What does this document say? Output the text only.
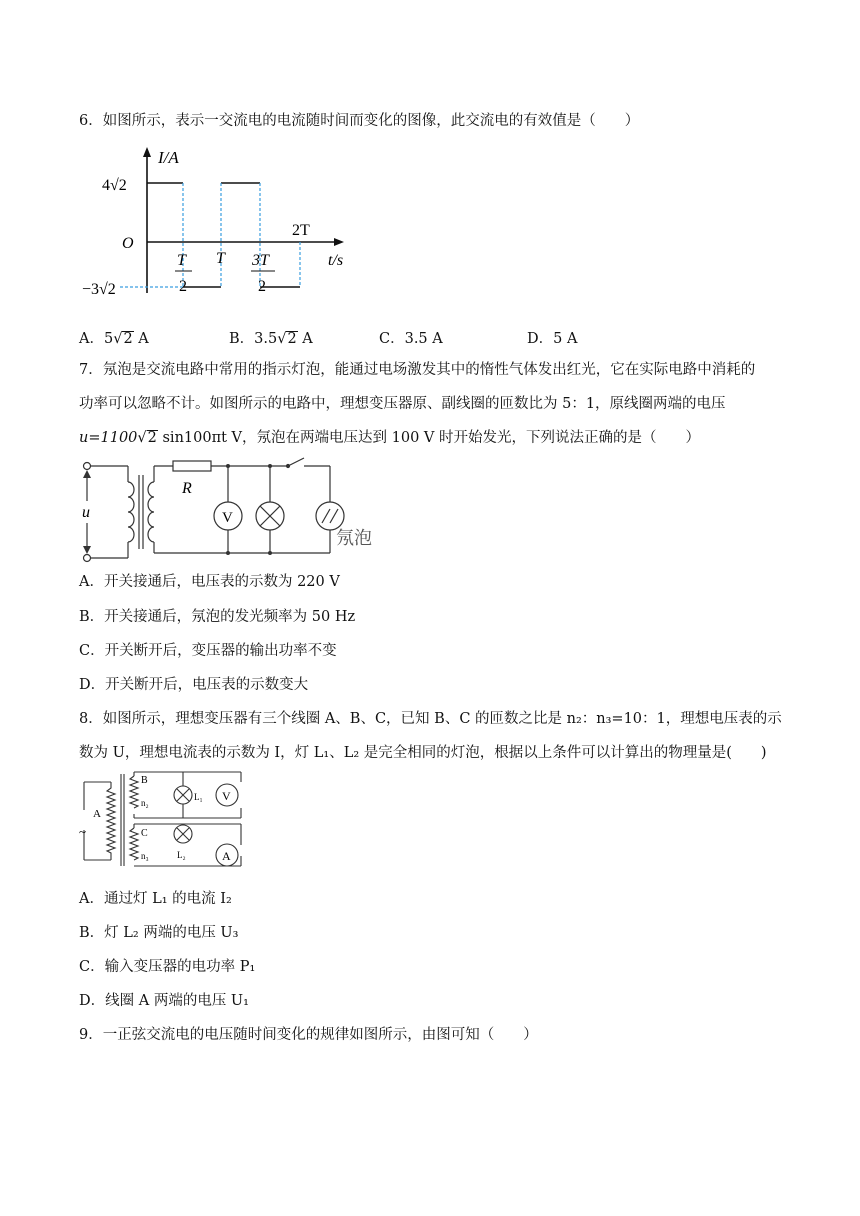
6．如图所示，表示一交流电的电流随时间而变化的图像，此交流电的有效值是（　　）
I/A
4√2
O
−3√2
T
2
T 3T
2
2T
t/s
A．5√2 A	B．3.5√2 A	C．3.5 A	D．5 A
7．氖泡是交流电路中常用的指示灯泡，能通过电场激发其中的惰性气体发出红光，它在实际电路中消耗的
功率可以忽略不计。如图所示的电路中，理想变压器原、副线圈的匝数比为 5：1，原线圈两端的电压
u=1100√2 sin100πt V，氖泡在两端电压达到 100 V 时开始发光，下列说法正确的是（　　）
u
R
V
氖泡
A．开关接通后，电压表的示数为 220 V
B．开关接通后，氖泡的发光频率为 50 Hz
C．开关断开后，变压器的输出功率不变
D．开关断开后，电压表的示数变大
8．如图所示，理想变压器有三个线圈 A、B、C，已知 B、C 的匝数之比是 n₂：n₃=10：1，理想电压表的示
数为 U，理想电流表的示数为 I，灯 L₁、L₂ 是完全相同的灯泡，根据以上条件可以计算出的物理量是(　　)
A
~
B
n₂
C
n₃
L₁
L₂
V
A
A．通过灯 L₁ 的电流 I₂
B．灯 L₂ 两端的电压 U₃
C．输入变压器的电功率 P₁
D．线圈 A 两端的电压 U₁
9．一正弦交流电的电压随时间变化的规律如图所示，由图可知（　　）
